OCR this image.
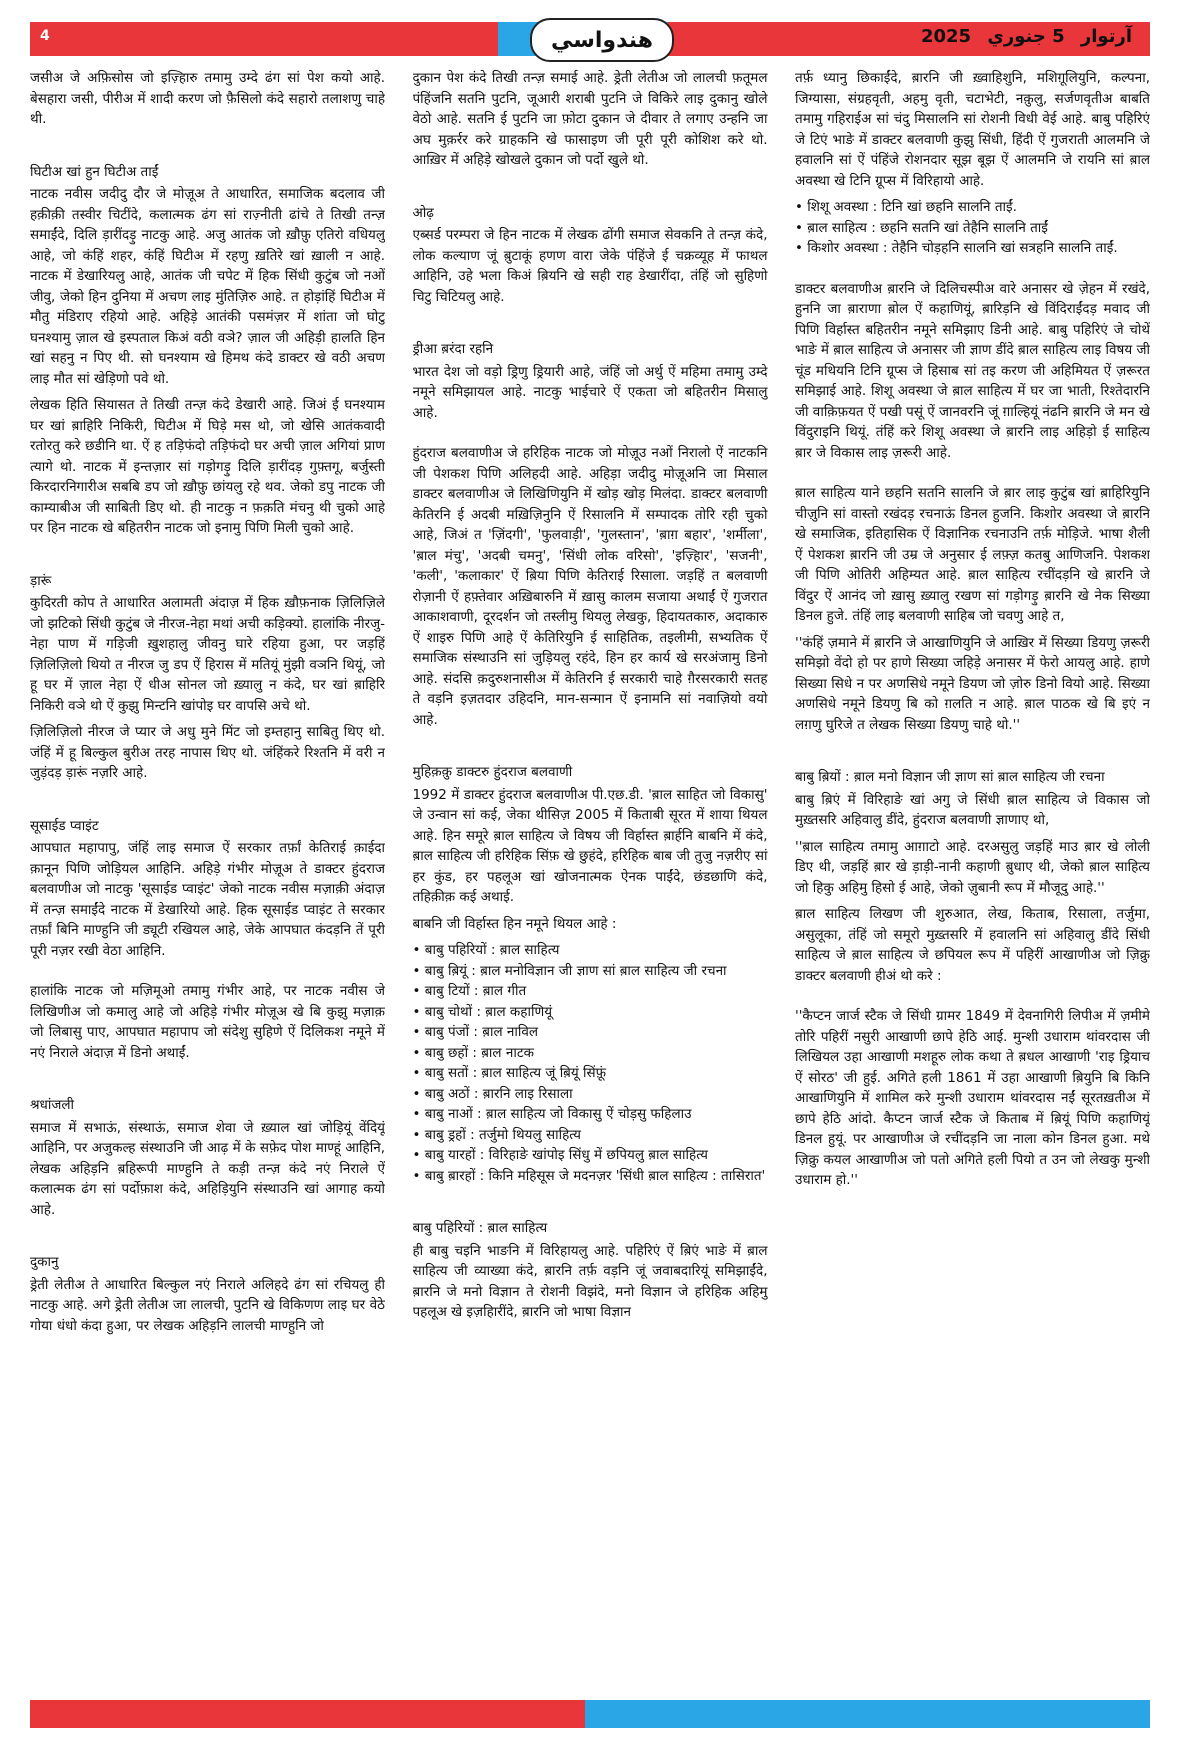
4	هندواسي	آرتوار 5 جنوري 2025

जसीअ जे अफ़िसोस जो इज़्हिारु तमामु उम्दे ढंग सां पेश कयो आहे. बेसहारा जसी, पीरीअ में शादी करण जो फ़ैसिलो कंदे सहारो तलाशणु चाहे थी.

घिटीअ खां हुन घिटीअ ताईं

नाटक नवीस जदीदु दौर जे मोज़ूअ ते आधारित, समाजिक बदलाव जी हक़ीक़ी तस्वीर चिटींदे, कलात्मक ढंग सां राज़्नीती ढांचे ते तिखी तन्ज़ समाईंदे, दिलि ड़ारींदड़ु नाटकु आहे. अजु आतंक जो ख़ौफ़ु एतिरो वधियलु आहे, जो कंहिं शहर, कंहिं घिटीअ में रहणु ख़तिरे खां ख़ाली न आहे. नाटक में डेखारियलु आहे, आतंक जी चपेट में हिक सिंधी कुटुंब जो नओं जीवु, जेको हिन दुनिया में अचण लाइ मुंतिज़िरु आहे. त होड़ांहिं घिटीअ में मौतु मंडिराए रहियो आहे. अहिड़े आतंकी पसमंज़र में शांता जो घोटु घनश्यामु ज़ाल खे इस्पताल किअं वठी वञे? ज़ाल जी अहिड़ी हालति हिन खां सहनु न पिए थी. सो घनश्याम खे हिमथ कंदे डाक्टर खे वठी अचण लाइ मौत सां खेड़िणो पवे थो.

लेखक हिति सियासत ते तिखी तन्ज़ कंदे डेखारी आहे. जिअं ई घनश्याम घर खां ब़ाहिरि निकिरी, घिटीअ में घिड़े मस थो, जो खेसि आतंकवादी रतोरतु करे छडीनि था. ऐं ह तड़िफंदो तड़िफंदो घर अची ज़ाल अगियां प्राण त्यागे थो. नाटक में इन्तज़ार सां गड़ोगड़ु दिलि ड़ारींदड़ गुफ़्तगू, बर्जुस्ती किरदारनिगारीअ सबबि डप जो ख़ौफ़ु छांयलु रहे थव. जेको डपु नाटक जी काम्याबीअ जी साबिती डिए थो. ही नाटकु न फ़क़ति मंचनु थी चुको आहे पर हिन नाटक खे बहितरीन नाटक जो इनामु पिणि मिली चुको आहे.

ड़ारूं

कुदिरती कोप ते आधारित अलामती अंदाज़ में हिक ख़ौफ़नाक ज़िलिज़िले जो झटिको सिंधी कुटुंब जे नीरज-नेहा मथां अची कड़िक्यो. हालांकि नीरजु-नेहा पाण में गड़िजी ख़ुशहालु जीवनु घारे रहिया हुआ, पर जड़हिं ज़िलिज़िलो थियो त नीरज जु डप ऐं हिरास में मतियूं मुंझी वञनि थियूं, जो हू घर में ज़ाल नेहा ऐं धीअ सोनल जो ख़्यालु न कंदे, घर खां ब़ाहिरि निकिरी वञे थो ऐं कुझु मिन्टनि खांपोइ घर वापसि अचे थो.

ज़िलिज़िलो नीरज जे प्यार जे अधु मुने मिंट जो इम्तहानु साबितु थिए थो. जंहिं में हू बिल्कुल बुरीअ तरह नापास थिए थो. जंहिंकरे रिश्तनि में वरी न जुड़ंदड़ ड़ारूं नज़रि आहे.

सूसाईड प्वाइंट

आपघात महापापु, जंहिं लाइ समाज ऐं सरकार तर्फ़ां केतिराई क़ाईदा क़ानून पिणि जोड़ियल आहिनि. अहिड़े गंभीर मोज़ूअ ते डाक्टर हुंदराज बलवाणीअ जो नाटकु 'सूसाईड प्वाइंट' जेको नाटक नवीस मज़ाक़ी अंदाज़ में तन्ज़ समाईंदे नाटक में डेखारियो आहे. हिक सूसाईड प्वाइंट ते सरकार तर्फ़ां बिनि माण्हुनि जी ड्यूटी रखियल आहे, जेके आपघात कंदड़नि तें पूरी पूरी नज़र रखी वेठा आहिनि.

हालांकि नाटक जो मज़िमूओ तमामु गंभीर आहे, पर नाटक नवीस जे लिखिणीअ जो कमालु आहे जो अहिड़े गंभीर मोज़ूअ खे बि कुझु मज़ाक़ जो लिबासु पाए, आपघात महापाप जो संदेशु सुहिणे ऐं दिलिकश नमूने में नएं निराले अंदाज़ में डिनो अथाईं.

श्रधांजली

समाज में सभाऊं, संस्थाऊं, समाज शेवा जे ख़्याल खां जोड़ियूं वेंदियूं आहिनि, पर अजुकल्ह संस्थाउनि जी आढ़ में के सफ़ेद पोश माण्हूं आहिनि, लेखक अहिड़नि ब़हिरूपी माण्हुनि ते कड़ी तन्ज़ कंदे नएं निराले ऐं कलात्मक ढंग सां पर्दोफ़ाश कंदे, अहिड़ियुनि संस्थाउनि खां आगाह कयो आहे.

दुकानु

ड्रेती लेतीअ ते आधारित बिल्कुल नएं निराले अलिहदे ढंग सां रचियलु ही नाटकु आहे. अगे ड्रेती लेतीअ जा लालची, पुटनि खे विकिणण लाइ घर वेठे गोया धंधो कंदा हुआ, पर लेखक अहिड़नि लालची माण्हुनि जो

दुकान पेश कंदे तिखी तन्ज़ समाई आहे. ड्रेती लेतीअ जो लालची फ़तूमल पंहिंजनि सतनि पुटनि, जूआरी शराबी पुटनि जे विकिरे लाइ दुकानु खोले वेठो आहे. सतनि ई पुटनि जा फ़ोटा दुकान जे दीवार ते लगाए उन्हनि जा अघ मुक़र्रर करे ग्राहकनि खे फासाइण जी पूरी पूरी कोशिश करे थो. आख़िर में अहिड़े खोखले दुकान जो पर्दो खुले थो.

ओढ़

एब्सर्ड परम्परा जे हिन नाटक में लेखक ढोंगी समाज सेवकनि ते तन्ज़ कंदे, लोक कल्याण जूं ब़ुटाकूं हणण वारा जेके पंहिंजे ई चक्रव्यूह में फाथल आहिनि, उहे भला किअं ब़ियनि खे सही राह डेखारींदा, तंहिं जो सुहिणो चिटु चिटियलु आहे.

ड्रीआ ब़रंदा रहनि

भारत देश जो वड़ो ड्रिणु ड्रियारी आहे, जंहिं जो अर्थु ऐं महिमा तमामु उम्दे नमूने समिझायल आहे. नाटकु भाईचारे ऐं एकता जो बहितरीन मिसालु आहे.

हुंदराज बलवाणीअ जे हरिहिक नाटक जो मोज़ूउ नओं निरालो ऐं नाटकनि जी पेशकश पिणि अलिहदी आहे. अहिड़ा जदीदु मोज़ूअनि जा मिसाल डाक्टर बलवाणीअ जे लिखिणियुनि में खोड़ खोड़ मिलंदा. डाक्टर बलवाणी केतिरनि ई अदबी मख़िज़िनुनि ऐं रिसालनि में सम्पादक तोरि रही चुको आहे, जिअं त 'ज़िंदगी', 'फुलवाड़ी', 'गुलस्तान', 'ब़ाग़ बहार', 'शर्मीला', 'ब़ाल मंचु', 'अदबी चमनु', 'सिंधी लोक वरिसो', 'इज़्हिार', 'सजनी', 'कली', 'कलाकार' ऐं ब़िया पिणि केतिराई रिसाला. जड़हिं त बलवाणी रोज़ानी ऐं हफ़्तेवार अख़िबारुनि में ख़ासु कालम सजाया अथाईं ऐं गुजरात आकाशवाणी, दूरदर्शन जो तस्लीमु थियलु लेखकु, हिदायतकारु, अदाकारु ऐं शाइरु पिणि आहे ऐं केतिरियुनि ई साहितिक, तइलीमी, सभ्यतिक ऐं समाजिक संस्थाउनि सां जुड़ियलु रहंदे, हिन हर कार्य खे सरअंजामु डिनो आहे. संदसि क़दुरुशनासीअ में केतिरनि ई सरकारी चाहे ग़ैरसरकारी सतह ते वड़नि इज़तदार उहिदनि, मान-सन्मान ऐं इनामनि सां नवाज़ियो वयो आहे.

मुहिक़क़ु डाक्टरु हुंदराज बलवाणी

1992 में डाक्टर हुंदराज बलवाणीअ पी.एछ.डी. 'ब़ाल साहित जो विकासु' जे उन्वान सां कई, जेका थीसिज़ 2005 में किताबी सूरत में शाया थियल आहे. हिन समूरे ब़ाल साहित्य जे विषय जी विर्हास्त ब़ार्हनि बाबनि में कंदे, ब़ाल साहित्य जी हरिहिक सिंफ़ खे छुहंदे, हरिहिक बाब जी तुजु नज़रीए सां हर कुंड, हर पहलूअ खां खोजनात्मक ऐनक पाईंदे, छंडछाणि कंदे, तहिक़ीक़ कई अथाई.

बाबनि जी विर्हास्त हिन नमूने थियल आहे :

• बाबु पहिरियों : ब़ाल साहित्य
• बाबु ब़ियूं : ब़ाल मनोविज्ञान जी ज्ञाण सां ब़ाल साहित्य जी रचना
• बाबु टियों : ब़ाल गीत
• बाबु चोथों : ब़ाल कहाणियूं
• बाबु पंजों : ब़ाल नाविल
• बाबु छहों : ब़ाल नाटक
• बाबु सतों : ब़ाल साहित्य जूं ब़ियूं सिंफ़ूं
• बाबु अठों : ब़ारनि लाइ रिसाला
• बाबु नाओं : ब़ाल साहित्य जो विकासु ऐं चोड़सु फहिलाउ
• बाबु ड्रहों : तर्जुमो थियलु साहित्य
• बाबु यारहों : विरिहाङे खांपोइ सिंधु में छपियलु ब़ाल साहित्य
• बाबु ब़ारहों : किनि महिसूस जे मदनज़र 'सिंधी ब़ाल साहित्य : तासिरात'
बाबु पहिरियों : ब़ाल साहित्य

ही बाबु चइनि भाङनि में विरिहायलु आहे. पहिरिएं ऐं ब़िएं भाङे में ब़ाल साहित्य जी व्याख्या कंदे, ब़ारनि तर्फ़ वड़नि जूं जवाबदारियूं समिझाईंदे, ब़ारनि जे मनो विज्ञान ते रोशनी विझंदे, मनो विज्ञान जे हरिहिक अहिमु पहलूअ खे इज़हिारींदे, ब़ारनि जो भाषा विज्ञान

तर्फ़ ध्यानु छिकाईंदे, ब़ारनि जी ख़्वाहिशुनि, मशिग़ूलियुनि, कल्पना, जिग्यासा, संग्रहवृती, अहमु वृती, चटाभेटी, नक़ुलु, सर्जणवृतीअ बाबति तमामु गहिराईअ सां चंदु मिसालनि सां रोशनी विधी वेई आहे. बाबु पहिरिएं जे टिएं भाङे में डाक्टर बलवाणी कुझु सिंधी, हिंदी ऐं गुजराती आलमनि जे हवालनि सां ऐं पंहिंजे रोशनदार सूझ बूझ ऐं आलमनि जे रायनि सां ब़ाल अवस्था खे टिनि ग्रूप्स में विरिहायो आहे.

• शिशू अवस्था : टिनि खां छहनि सालनि ताईं.
• ब़ाल साहित्य : छहनि सतनि खां तेहैनि सालनि ताईं
• किशोर अवस्था : तेहैनि चोड़हनि सालनि खां सत्रहनि सालनि ताईं.

डाक्टर बलवाणीअ ब़ारनि जे दिलिचस्पीअ वारे अनासर खे ज़ेहन में रखंदे, हुननि जा ब़ाराणा ब़ोल ऐं कहाणियूं, ब़ारिड़नि खे विंदिराईंदड़ मवाद जी पिणि विर्हास्त बहितरीन नमूने समिझाए डिनी आहे. बाबु पहिरिएं जे चोथें भाङे में ब़ाल साहित्य जे अनासर जी ज्ञाण डींदे ब़ाल साहित्य लाइ विषय जी चूंड मथियनि टिनि ग्रूप्स जे हिसाब सां तइ करण जी अहिमियत ऐं ज़रूरत समिझाई आहे. शिशू अवस्था जे ब़ाल साहित्य में घर जा भाती, रिश्तेदारनि जी वाक़िफ़यत ऐं पखी पसूं ऐं जानवरनि जूं ग़ाल्हियूं नंढनि ब़ारनि जे मन खे विंदुराइनि थियूं. तंहिं करे शिशू अवस्था जे ब़ारनि लाइ अहिड़ो ई साहित्य ब़ार जे विकास लाइ ज़रूरी आहे.

ब़ाल साहित्य याने छहनि सतनि सालनि जे ब़ार लाइ कुटुंब खां ब़ाहिरियुनि चीज़ुनि सां वास्तो रखंदड़ रचनाऊं डिनल हुजनि. किशोर अवस्था जे ब़ारनि खे समाजिक, इतिहासिक ऐं विज्ञानिक रचनाउनि तर्फ़ मोड़िजे. भाषा शैली ऐं पेशकश ब़ारनि जी उम्र जे अनुसार ई लफ़्ज़ कतबु आणिजनि. पेशकश जी पिणि ओतिरी अहिम्यत आहे. ब़ाल साहित्य रचींदड़नि खे ब़ारनि जे विंदुर ऐं आनंद जो ख़ासु ख़्यालु रखण सां गड़ोगड़ु ब़ारनि खे नेक सिख्या डिनल हुजे. तंहिं लाइ बलवाणी साहिब जो चवणु आहे त,

''कंहिं ज़माने में ब़ारनि जे आखाणियुनि जे आख़िर में सिख्या डियणु ज़रूरी समिझो वेंदो हो पर हाणे सिख्या जहिड़े अनासर में फेरो आयलु आहे. हाणे सिख्या सिधे न पर अणसिधे नमूने डियण जो ज़ोरु डिनो वियो आहे. सिख्या अणसिधे नमूने डियणु बि को ग़लति न आहे. ब़ाल पाठक खे बि इएं न लग़णु घुरिजे त लेखक सिख्या डियणु चाहे थो.''

बाबु ब़ियों : ब़ाल मनो विज्ञान जी ज्ञाण सां ब़ाल साहित्य जी रचना

बाबु ब़िएं में विरिहाङे खां अगु जे सिंधी ब़ाल साहित्य जे विकास जो मुख़्तसरि अहिवालु डींदे, हुंदराज बलवाणी ज्ञाणाए थो,

''ब़ाल साहित्य तमामु आग़ाटो आहे. दरअसुलु जड़हिं माउ ब़ार खे लोली डिए थी, जड़हिं ब़ार खे ड़ाड़ी-नानी कहाणी ब़ुधाए थी, जेको ब़ाल साहित्य जो हिकु अहिमु हिसो ई आहे, जेको ज़ुबानी रूप में मौजूदु आहे.''

ब़ाल साहित्य लिखण जी शुरुआत, लेख, किताब, रिसाला, तर्जुमा, असुलूका, तंहिं जो समूरो मुख़्तसरि में हवालनि सां अहिवालु डींदे सिंधी साहित्य जे ब़ाल साहित्य जे छपियल रूप में पहिरीं आखाणीअ जो ज़िक्रु डाक्टर बलवाणी हीअं थो करे :

''कैप्टन जार्ज स्टैक जे सिंधी ग्रामर 1849 में देवनागिरी लिपीअ में ज़मीमे तोरि पहिरीं नसुरी आखाणी छापे हेठि आई. मुन्शी उधाराम थांवरदास जी लिखियल उहा आखाणी मशहूरु लोक कथा ते ब़धल आखाणी 'राइ ड्रियाच ऐं सोरठ' जी हुई. अगिते हली 1861 में उहा आखाणी ब़ियुनि बि किनि आखाणियुनि में शामिल करे मुन्शी उधाराम थांवरदास नईं सूरतख़तीअ में छापे हेठि आंदो. कैप्टन जार्ज स्टैक जे किताब में ब़ियूं पिणि कहाणियूं डिनल हुयूं. पर आखाणीअ जे रचींदड़नि जा नाला कोन डिनल हुआ. मथे ज़िक्रु कयल आखाणीअ जो पतो अगिते हली पियो त उन जो लेखकु मुन्शी उधाराम हो.''
